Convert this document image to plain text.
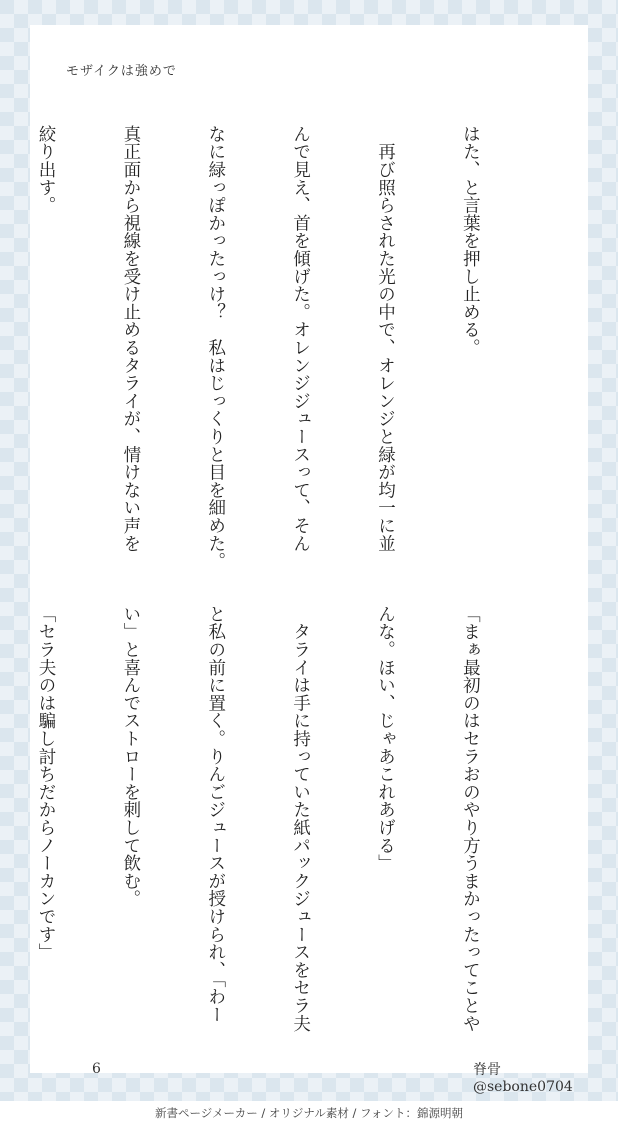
モザイクは強めで

はた、と言葉を押し止める。

　再び照らされた光の中で、オレンジと緑が均一に並

んで見え、首を傾げた。オレンジジュースって、そん

なに緑っぽかったっけ？　私はじっくりと目を細めた。

真正面から視線を受け止めるタライが、情けない声を

絞り出す。

「まぁ最初のはセラおのやり方うまかったってことや

んな。ほい、じゃあこれあげる」

　タライは手に持っていた紙パックジュースをセラ夫

と私の前に置く。りんごジュースが授けられ、「わー

い」と喜んでストローを刺して飲む。

「セラ夫のは騙し討ちだからノーカンです」

6	脊骨@sebone0704
新書ページメーカー / オリジナル素材 / フォント：錦源明朝
